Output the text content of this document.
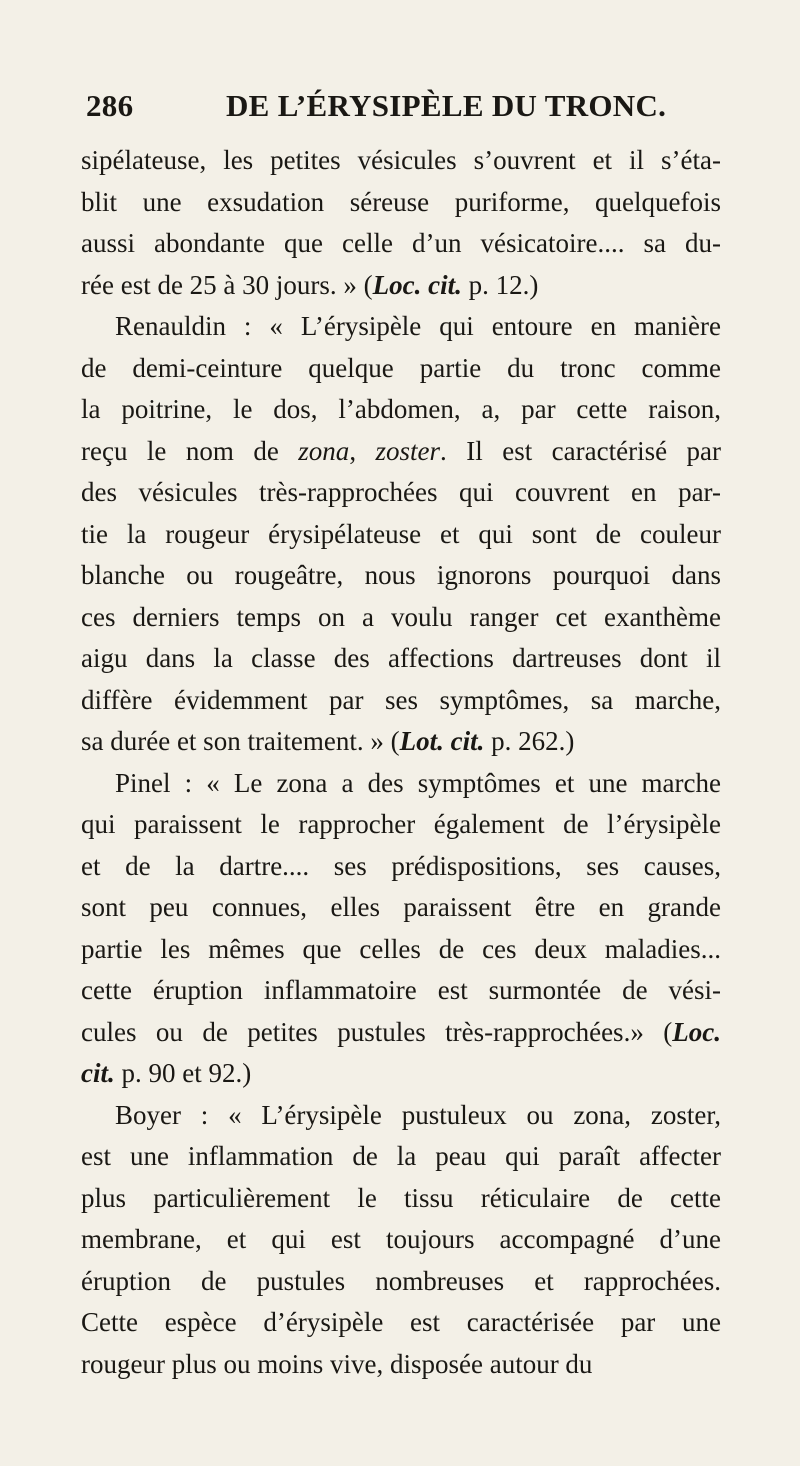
286	DE L’ÉRYSIPÈLE DU TRONC.
sipélateuse, les petites vésicules s’ouvrent et il s’éta-
blit une exsudation séreuse puriforme, quelquefois
aussi abondante que celle d’un vésicatoire.... sa du-
rée est de 25 à 30 jours. » (Loc. cit. p. 12.)
Renauldin : « L’érysipèle qui entoure en manière
de demi-ceinture quelque partie du tronc comme
la poitrine, le dos, l’abdomen, a, par cette raison,
reçu le nom de zona, zoster. Il est caractérisé par
des vésicules très-rapprochées qui couvrent en par-
tie la rougeur érysipélateuse et qui sont de couleur
blanche ou rougeâtre, nous ignorons pourquoi dans
ces derniers temps on a voulu ranger cet exanthème
aigu dans la classe des affections dartreuses dont il
diffère évidemment par ses symptômes, sa marche,
sa durée et son traitement. » (Lot. cit. p. 262.)
Pinel : « Le zona a des symptômes et une marche
qui paraissent le rapprocher également de l’érysipèle
et de la dartre.... ses prédispositions, ses causes,
sont peu connues, elles paraissent être en grande
partie les mêmes que celles de ces deux maladies...
cette éruption inflammatoire est surmontée de vési-
cules ou de petites pustules très-rapprochées.» (Loc.
cit. p. 90 et 92.)
Boyer : « L’érysipèle pustuleux ou zona, zoster,
est une inflammation de la peau qui paraît affecter
plus particulièrement le tissu réticulaire de cette
membrane, et qui est toujours accompagné d’une
éruption de pustules nombreuses et rapprochées.
Cette espèce d’érysipèle est caractérisée par une
rougeur plus ou moins vive, disposée autour du
